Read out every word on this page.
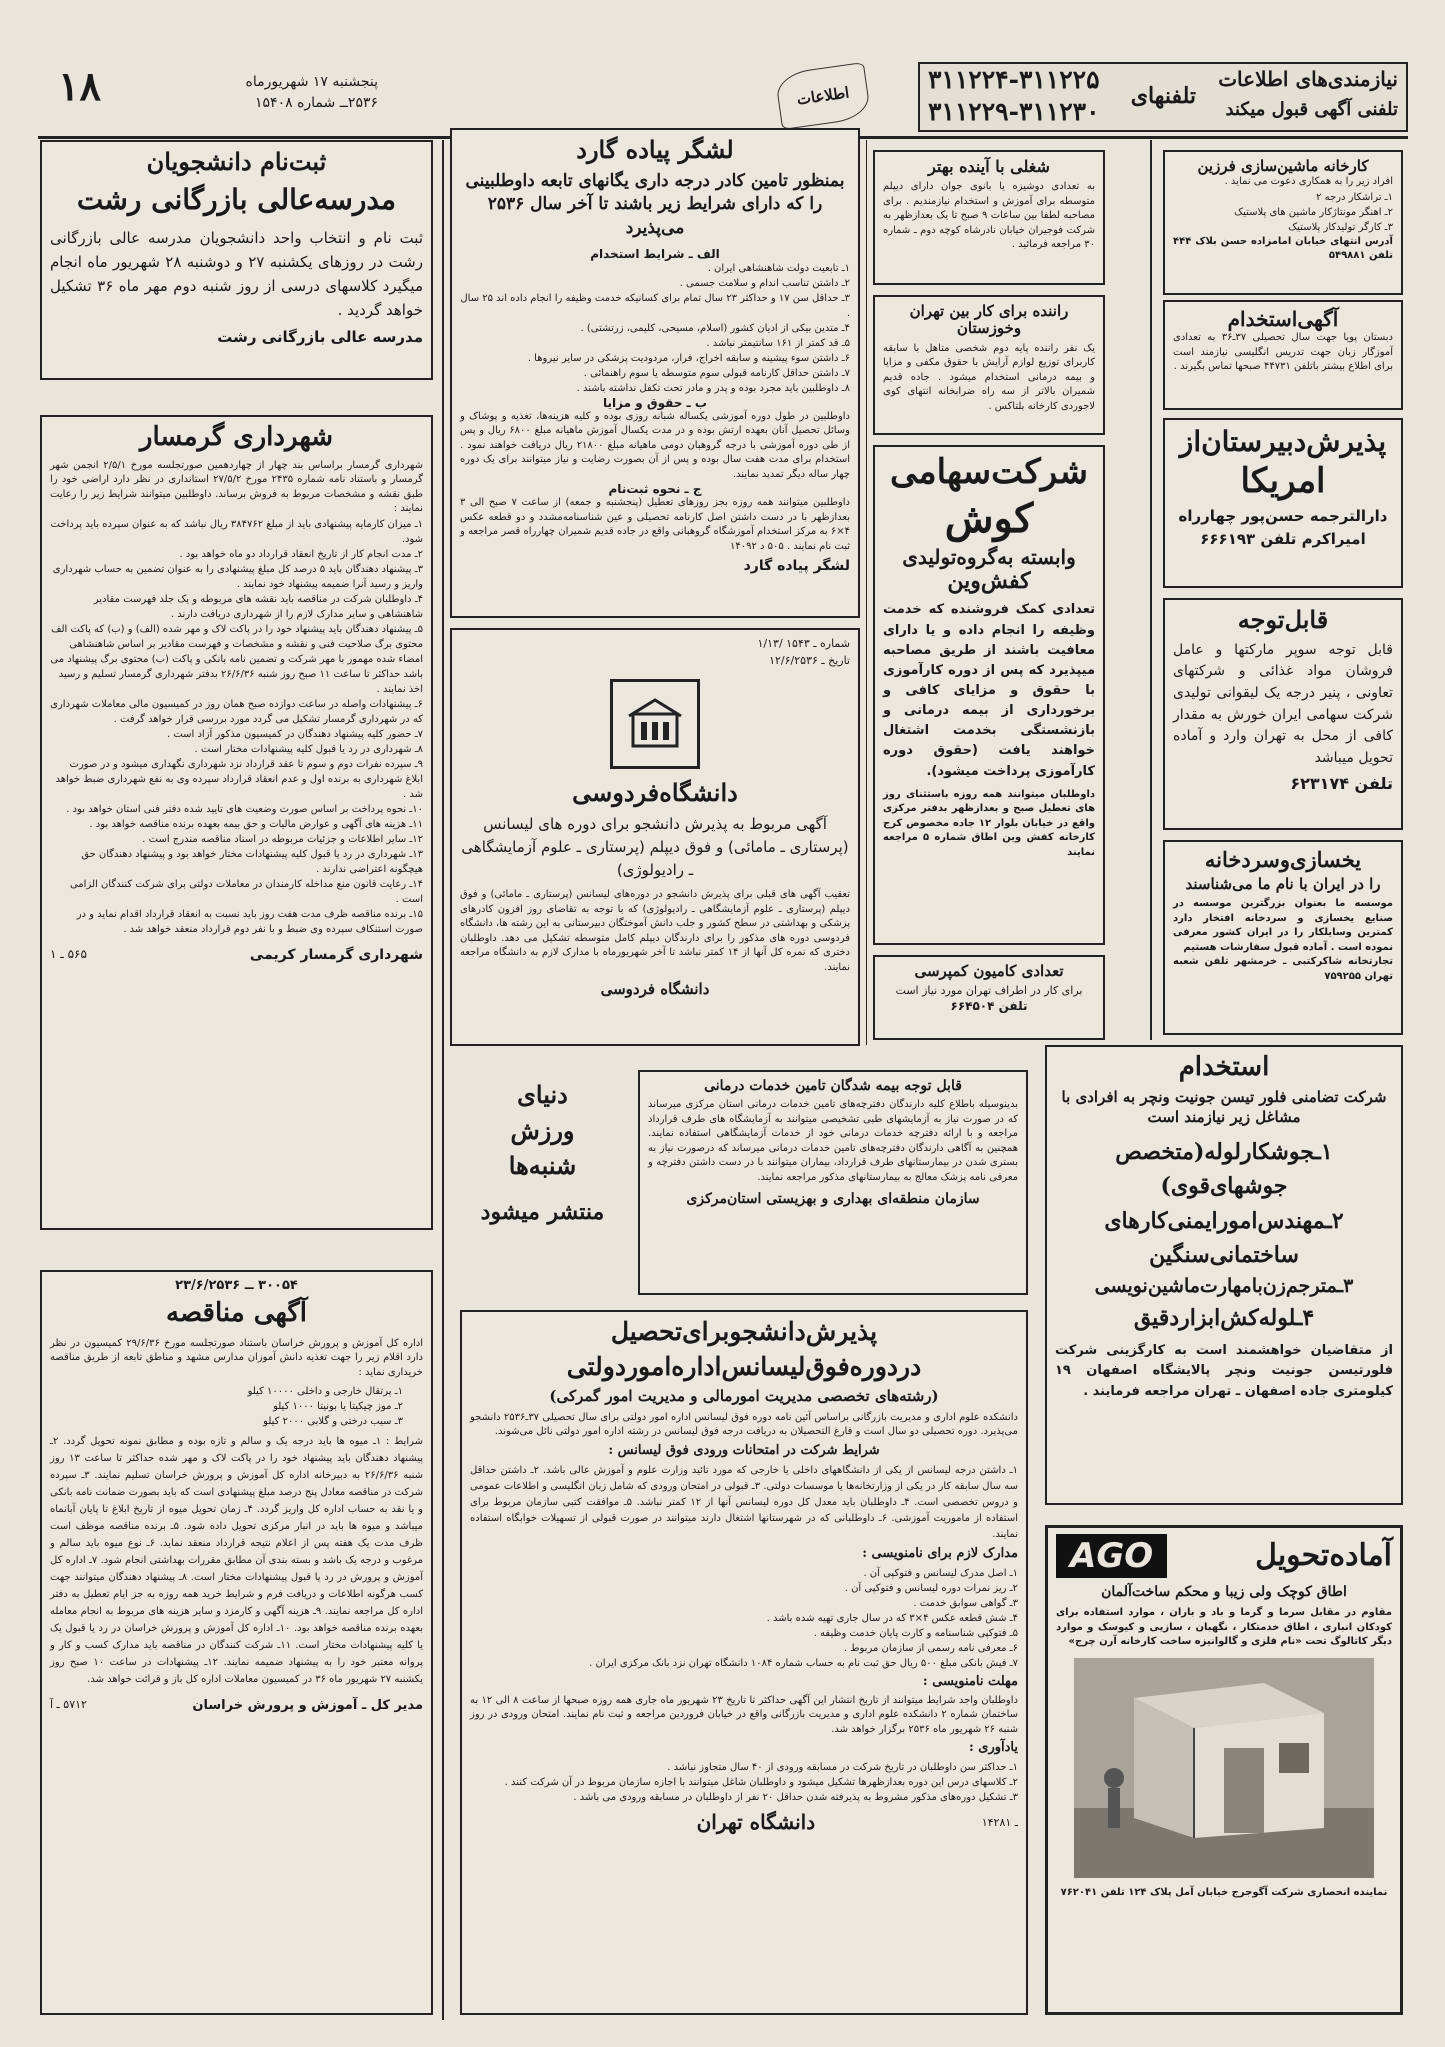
۱۸	پنجشنبه ۱۷ شهریورماه
۲۵۳۶ــ شماره ۱۵۴۰۸	اطلاعات
نیازمندی‌های اطلاعات
تلفنی آگهی قبول میکند
تلفنهای
۳۱۱۲۲۴-۳۱۱۲۲۵
۳۱۱۲۲۹-۳۱۱۲۳۰
ثبت‌نام دانشجویان
مدرسه‌عالی بازرگانی رشت
ثبت نام و انتخاب واحد دانشجویان مدرسه عالی بازرگانی رشت در روزهای یکشنبه ۲۷ و دوشنبه ۲۸ شهریور ماه انجام میگیرد کلاسهای درسی از روز شنبه دوم مهر ماه ۳۶ تشکیل خواهد گردید .
مدرسه عالی بازرگانی رشت
شهرداری گرمسار
شهرداری گرمسار براساس بند چهار از چهاردهمین صورتجلسه مورخ ۲/۵/۱ انجمن شهر گرمسار و باستناد نامه شماره ۲۴۳۵ مورخ ۲۷/۵/۲ استانداری در نظر دارد اراضی خود را طبق نقشه و مشخصات مربوط به فروش برساند. داوطلبین میتوانند شرایط زیر را رعایت نمایند :
۱ـ میزان کارمایه پیشنهادی باید از مبلغ ۳۸۴۷۶۲ ریال نباشد که به عنوان سپرده باید پرداخت شود.
۲ـ مدت انجام کار از تاریخ انعقاد قرارداد دو ماه خواهد بود .
۳ـ پیشنهاد دهندگان باید ۵ درصد کل مبلغ پیشنهادی را به عنوان تضمین به حساب شهرداری واریز و رسید آنرا ضمیمه پیشنهاد خود نمایند .
۴ـ داوطلبان شرکت در مناقصه باید نقشه های مربوطه و یک جلد فهرست مقادیر شاهنشاهی و سایر مدارک لازم را از شهرداری دریافت دارند .
۵ـ پیشنهاد دهندگان باید پیشنهاد خود را در پاکت لاک و مهر شده (الف) و (ب) که پاکت الف محتوی برگ صلاحیت فنی و نقشه و مشخصات و فهرست مقادیر بر اساس شاهنشاهی امضاء شده مهمور با مهر شرکت و تضمین نامه بانکی و پاکت (ب) محتوی برگ پیشنهاد می باشد حداکثر تا ساعت ۱۱ صبح روز شنبه ۲۶/۶/۳۶ بدفتر شهرداری گرمسار تسلیم و رسید اخذ نمایند .
۶ـ پیشنهادات واصله در ساعت دوازده صبح همان روز در کمیسیون مالی معاملات شهرداری که در شهرداری گرمسار تشکیل می گردد مورد بررسی قرار خواهد گرفت .
۷ـ حضور کلیه پیشنهاد دهندگان در کمیسیون مذکور آزاد است .
۸ـ شهرداری در رد یا قبول کلیه پیشنهادات مختار است .
۹ـ سپرده نفرات دوم و سوم تا عقد قرارداد نزد شهرداری نگهداری میشود و در صورت ابلاغ شهرداری به برنده اول و عدم انعقاد قرارداد سپرده وی به نفع شهرداری ضبط خواهد شد .
۱۰ـ نحوه پرداخت بر اساس صورت وضعیت های تایید شده دفتر فنی استان خواهد بود .
۱۱ـ هزینه های آگهی و عوارض مالیات و حق بیمه بعهده برنده مناقصه خواهد بود .
۱۲ـ سایر اطلاعات و جزئیات مربوطه در اسناد مناقصه مندرج است .
۱۳ـ شهرداری در رد یا قبول کلیه پیشنهادات مختار خواهد بود و پیشنهاد دهندگان حق هیچگونه اعتراضی ندارند .
۱۴ـ رعایت قانون منع مداخله کارمندان در معاملات دولتی برای شرکت کنندگان الزامی است .
۱۵ـ برنده مناقصه ظرف مدت هفت روز باید نسبت به انعقاد قرارداد اقدام نماید و در صورت استنکاف سپرده وی ضبط و با نفر دوم قرارداد منعقد خواهد شد .
شهرداری گرمسار کریمی
۵۶۵ ـ ۱
۳۰۰۵۴ ــ ۲۳/۶/۲۵۳۶
آگهی مناقصه
اداره کل آموزش و پرورش خراسان باستناد صورتجلسه مورخ ۲۹/۶/۳۶ کمیسیون در نظر دارد اقلام زیر را جهت تغذیه دانش آموزان مدارس مشهد و مناطق تابعه از طریق مناقصه خریداری نماید :
۱ـ پرتقال خارجی و داخلی ۱۰۰۰۰ کیلو
۲ـ موز چیکیتا یا بونیتا ۱۰۰۰ کیلو
۳ـ سیب درختی و گلابی ۲۰۰۰ کیلو
شرایط : ۱ـ میوه ها باید درجه یک و سالم و تازه بوده و مطابق نمونه تحویل گردد. ۲ـ پیشنهاد دهندگان باید پیشنهاد خود را در پاکت لاک و مهر شده حداکثر تا ساعت ۱۳ روز شنبه ۲۶/۶/۳۶ به دبیرخانه اداره کل آموزش و پرورش خراسان تسلیم نمایند. ۳ـ سپرده شرکت در مناقصه معادل پنج درصد مبلغ پیشنهادی است که باید بصورت ضمانت نامه بانکی و یا نقد به حساب اداره کل واریز گردد. ۴ـ زمان تحویل میوه از تاریخ ابلاغ تا پایان آبانماه میباشد و میوه ها باید در انبار مرکزی تحویل داده شود. ۵ـ برنده مناقصه موظف است ظرف مدت یک هفته پس از اعلام نتیجه قرارداد منعقد نماید. ۶ـ نوع میوه باید سالم و مرغوب و درجه یک باشد و بسته بندی آن مطابق مقررات بهداشتی انجام شود. ۷ـ اداره کل آموزش و پرورش در رد یا قبول پیشنهادات مختار است. ۸ـ پیشنهاد دهندگان میتوانند جهت کسب هرگونه اطلاعات و دریافت فرم و شرایط خرید همه روزه به جز ایام تعطیل به دفتر اداره کل مراجعه نمایند. ۹ـ هزینه آگهی و کارمزد و سایر هزینه های مربوط به انجام معامله بعهده برنده مناقصه خواهد بود. ۱۰ـ اداره کل آموزش و پرورش خراسان در رد یا قبول یک یا کلیه پیشنهادات مختار است. ۱۱ـ شرکت کنندگان در مناقصه باید مدارک کسب و کار و پروانه معتبر خود را به پیشنهاد ضمیمه نمایند. ۱۲ـ پیشنهادات در ساعت ۱۰ صبح روز یکشنبه ۲۷ شهریور ماه ۳۶ در کمیسیون معاملات اداره کل باز و قرائت خواهد شد.
مدیر کل ـ آموزش و پرورش خراسان
۵۷۱۲ ـ آ
لشگر پیاده گارد
بمنظور تامین کادر درجه داری یگانهای تابعه داوطلبینی را که دارای شرایط زیر باشند تا آخر سال ۲۵۳۶ می‌پذیرد
الف ـ شرایط استخدام
۱ـ تابعیت دولت شاهنشاهی ایران .
۲ـ داشتن تناسب اندام و سلامت جسمی .
۳ـ حداقل سن ۱۷ و حداکثر ۲۳ سال تمام برای کسانیکه خدمت وظیفه را انجام داده اند ۲۵ سال .
۴ـ متدین بیکی از ادیان کشور (اسلام، مسیحی، کلیمی، زرتشتی) .
۵ـ قد کمتر از ۱۶۱ سانتیمتر نباشد .
۶ـ داشتن سوء پیشینه و سابقه اخراج، فرار، مردودیت پزشکی در سایر نیروها .
۷ـ داشتن حداقل کارنامه قبولی سوم متوسطه یا سوم راهنمائی .
۸ـ داوطلبین باید مجرد بوده و پدر و مادر تحت تکفل نداشته باشند .
ب ـ حقوق و مزایا
داوطلبین در طول دوره آموزشی یکساله شبانه روزی بوده و کلیه هزینه‌ها، تغذیه و پوشاک و وسائل تحصیل آنان بعهده ارتش بوده و در مدت یکسال آموزش ماهیانه مبلغ ۶۸۰۰ ریال و پس از طی دوره آموزشی با درجه گروهبان دومی ماهیانه مبلغ ۲۱۸۰۰ ریال دریافت خواهند نمود . استخدام برای مدت هفت سال بوده و پس از آن بصورت رضایت و نیاز میتوانند برای یک دوره چهار ساله دیگر تمدید نمایند.
ج ـ نحوه ثبت‌نام
داوطلبین میتوانند همه روزه بجز روزهای تعطیل (پنجشنبه و جمعه) از ساعت ۷ صبح الی ۳ بعدازظهر با در دست داشتن اصل کارنامه تحصیلی و عین شناسنامه‌مشدد و دو قطعه عکس ۴×۶ به مرکز استخدام آموزشگاه گروهبانی واقع در جاده قدیم شمیران چهارراه قصر مراجعه و ثبت نام نمایند . ۵۰۵ د ۱۴۰۹۲
لشگر پیاده گارد
شماره ـ ۱۵۴۳ /۱/۱۳
تاریخ ـ ۱۲/۶/۲۵۳۶
دانشگاه‌فردوسی
آگهی مربوط به پذیرش دانشجو برای دوره های لیسانس (پرستاری ـ مامائی) و فوق دیپلم (پرستاری ـ علوم آزمایشگاهی ـ رادیولوژی)
تعقیب آگهی های قبلی برای پذیرش دانشجو در دوره‌های لیسانس (پرستاری ـ مامائی) و فوق دیپلم (پرستاری ـ علوم آزمایشگاهی ـ رادیولوژی) که با توجه به تقاضای روز افزون کادرهای پزشکی و بهداشتی در سطح کشور و جلب دانش آموختگان دبیرستانی به این رشته ها، دانشگاه فردوسی دوره های مذکور را برای دارندگان دیپلم کامل متوسطه تشکیل می دهد. داوطلبان دختری که نمره کل آنها از ۱۴ کمتر نباشد تا آخر شهریورماه با مدارک لازم به دانشگاه مراجعه نمایند.
دانشگاه فردوسی
شغلی با آینده بهتر
به تعدادی دوشیزه یا بانوی جوان دارای دیپلم متوسطه برای آموزش و استخدام نیازمندیم . برای مصاحبه لطفا بین ساعات ۹ صبح تا یک بعدازظهر به شرکت فوجیران خیابان نادرشاه کوچه دوم ـ شماره ۳۰ مراجعه فرمائید .
راننده برای کار بین تهران وخوزستان
یک نفر راننده پایه دوم شخصی متاهل با سابقه کاربرای توزیع لوازم آرایش با حقوق مکفی و مزایا و بیمه درمانی استخدام میشود . جاده قدیم شمیران بالاتر از سه راه ضرابخانه انتهای کوی لاجوردی کارخانه بلتاکس .
شرکت‌سهامی
کوش
وابسته به‌گروه‌تولیدی
کفش‌وین
تعدادی کمک فروشنده که خدمت وظیفه را انجام داده و یا دارای معافیت باشند از طریق مصاحبه میپذیرد که پس از دوره کارآموزی با حقوق و مزایای کافی و برخورداری از بیمه درمانی و بازنشستگی بخدمت اشتغال خواهند یافت (حقوق دوره کارآموزی پرداخت میشود).
داوطلبان میتوانند همه روزه باستثنای روز های تعطیل صبح و بعدازظهر بدفتر مرکزی واقع در خیابان بلوار ۱۲ جاده مخصوص کرج کارخانه کفش وین اطاق شماره ۵ مراجعه نمایند
تعدادی کامیون کمپرسی
برای کار در اطراف تهران مورد نیاز است
تلفن ۶۶۴۵۰۴
کارخانه ماشین‌سازی فرزین
افراد زیر را به همکاری دعوت می نماید .
۱ـ تراشکار درجه ۲
۲ـ اهنگر مونتاژکار ماشین های پلاستیک
۳ـ کارگر تولیدکار پلاستیک
آدرس انتهای خیابان امامزاده حسن بلاک ۴۴۴ تلفن ۵۴۹۸۸۱
آگهی‌استخدام
دبستان پویا جهت سال تحصیلی ۳۷ـ۳۶ به تعدادی آموزگار زبان جهت تدریس انگلیسی نیازمند است برای اطلاع بیشتر باتلفن ۴۴۷۳۱ صبحها تماس بگیرند .
پذیرش‌دبیرستان‌از
امریکا
دارالترجمه حسن‌پور چهارراه امیراکرم تلفن ۶۶۶۱۹۳
قابل‌توجه
قابل توجه سوپر مارکتها و عامل فروشان مواد غذائی و شرکتهای تعاونی ، پنیر درجه یک لیقوانی تولیدی شرکت سهامی ایران خورش به مقدار کافی از محل به تهران وارد و آماده تحویل میباشد
تلفن ۶۲۳۱۷۴
یخسازی‌وسردخانه
را در ایران با نام ما می‌شناسند
موسسه ما بعنوان بزرگترین موسسه در صنایع یخسازی و سردخانه افتخار دارد کمترین وسایلکار را در ایران کشور معرفی نموده است . آماده قبول سفارشات هستیم
تجارتخانه شاکرکتبی ـ خرمشهر تلفن شعبه تهران ۷۵۹۲۵۵
دنیای
ورزش
شنبه‌ها
منتشر میشود
قابل توجه بیمه شدگان تامین خدمات درمانی
بدینوسیله باطلاع کلیه دارندگان دفترچه‌های تامین خدمات درمانی استان مرکزی میرساند که در صورت نیاز به آزمایشهای طبی تشخیصی میتوانند به آزمایشگاه های طرف قرارداد مراجعه و با ارائه دفترچه خدمات درمانی خود از خدمات آزمایشگاهی استفاده نمایند. همچنین به آگاهی دارندگان دفترچه‌های تامین خدمات درمانی میرساند که درصورت نیاز به بستری شدن در بیمارستانهای طرف قرارداد، بیماران میتوانند با در دست داشتن دفترچه و معرفی نامه پزشک معالج به بیمارستانهای مذکور مراجعه نمایند.
سازمان منطقه‌ای بهداری و بهزیستی استان‌مرکزی
استخدام
شرکت تضامنی فلور تیسن جونیت ونچر به افرادی با مشاغل زیر نیازمند است
۱ـجوشکارلوله‌(متخصص
جوشهای‌قوی)
۲ـمهندس‌امورایمنی‌کارهای
ساختمانی‌سنگین
۳ـمترجم‌زن‌بامهارت‌ماشین‌نویسی
۴ـلوله‌کش‌ابزاردقیق
از متقاضیان خواهشمند است به کارگزینی شرکت فلورتیسن جونیت ونچر پالایشگاه اصفهان ۱۹ کیلومتری جاده اصفهان ـ تهران مراجعه فرمایند .
پذیرش‌دانشجو‌برای‌تحصیل
دردوره‌فوق‌لیسانس‌اداره‌امور‌دولتی
(رشته‌های تخصصی مدیریت امورمالی و مدیریت امور گمرکی)
دانشکده علوم اداری و مدیریت بازرگانی براساس آئین نامه دوره فوق لیسانس اداره امور دولتی برای سال تحصیلی ۳۷ـ۲۵۳۶ دانشجو می‌پذیرد. دوره تحصیلی دو سال است و فارغ التحصیلان به دریافت درجه فوق لیسانس در رشته اداره امور دولتی نائل می‌شوند.
شرایط شرکت در امتحانات ورودی فوق لیسانس :
۱ـ داشتن درجه لیسانس از یکی از دانشگاههای داخلی یا خارجی که مورد تائید وزارت علوم و آموزش عالی باشد. ۲ـ داشتن حداقل سه سال سابقه کار در یکی از وزارتخانه‌ها یا موسسات دولتی. ۳ـ قبولی در امتحان ورودی که شامل زبان انگلیسی و اطلاعات عمومی و دروس تخصصی است. ۴ـ داوطلبان باید معدل کل دوره لیسانس آنها از ۱۲ کمتر نباشد. ۵ـ موافقت کتبی سازمان مربوط برای استفاده از ماموریت آموزشی. ۶ـ داوطلبانی که در شهرستانها اشتغال دارند میتوانند در صورت قبولی از تسهیلات خوابگاه استفاده نمایند.
مدارک لازم برای نامنویسی :
۱ـ اصل مدرک لیسانس و فتوکپی آن .
۲ـ ریز نمرات دوره لیسانس و فتوکپی آن .
۳ـ گواهی سوابق خدمت .
۴ـ شش قطعه عکس ۴×۳ که در سال جاری تهیه شده باشد .
۵ـ فتوکپی شناسنامه و کارت پایان خدمت وظیفه .
۶ـ معرفی نامه رسمی از سازمان مربوط .
۷ـ فیش بانکی مبلغ ۵۰۰ ریال حق ثبت نام به حساب شماره ۱۰۸۴ دانشگاه تهران نزد بانک مرکزی ایران .
مهلت نامنویسی :
داوطلبان واجد شرایط میتوانند از تاریخ انتشار این آگهی حداکثر تا تاریخ ۲۳ شهریور ماه جاری همه روزه صبحها از ساعت ۸ الی ۱۲ به ساختمان شماره ۲ دانشکده علوم اداری و مدیریت بازرگانی واقع در خیابان فروردین مراجعه و ثبت نام نمایند. امتحان ورودی در روز شنبه ۲۶ شهریور ماه ۲۵۳۶ برگزار خواهد شد.
یادآوری :
۱ـ حداکثر سن داوطلبان در تاریخ شرکت در مسابقه ورودی از ۴۰ سال متجاوز نباشد .
۲ـ کلاسهای درس این دوره بعدازظهرها تشکیل میشود و داوطلبان شاغل میتوانند با اجازه سازمان مربوط در آن شرکت کنند .
۳ـ تشکیل دوره‌های مذکور مشروط به پذیرفته شدن حداقل ۲۰ نفر از داوطلبان در مسابقه ورودی می باشد .
ـ ۱۴۲۸۱
دانشگاه تهران
آماده‌تحویل
AGO
اطاق کوچک ولی زیبا و محکم ساخت‌آلمان
مقاوم در مقابل سرما و گرما و باد و باران ، موارد استفاده برای کودکان انباری ، اطاق خدمتکار ، نگهبان ، سازیی و کیوسک و موارد دیگر کاتالوگ تحت «نام فلزی و گالوانیزه ساخت کارخانه آرن چرج»
نماینده انحصاری شرکت آگوجرج خیابان آمل پلاک ۱۲۴ تلفن ۷۶۲۰۴۱
